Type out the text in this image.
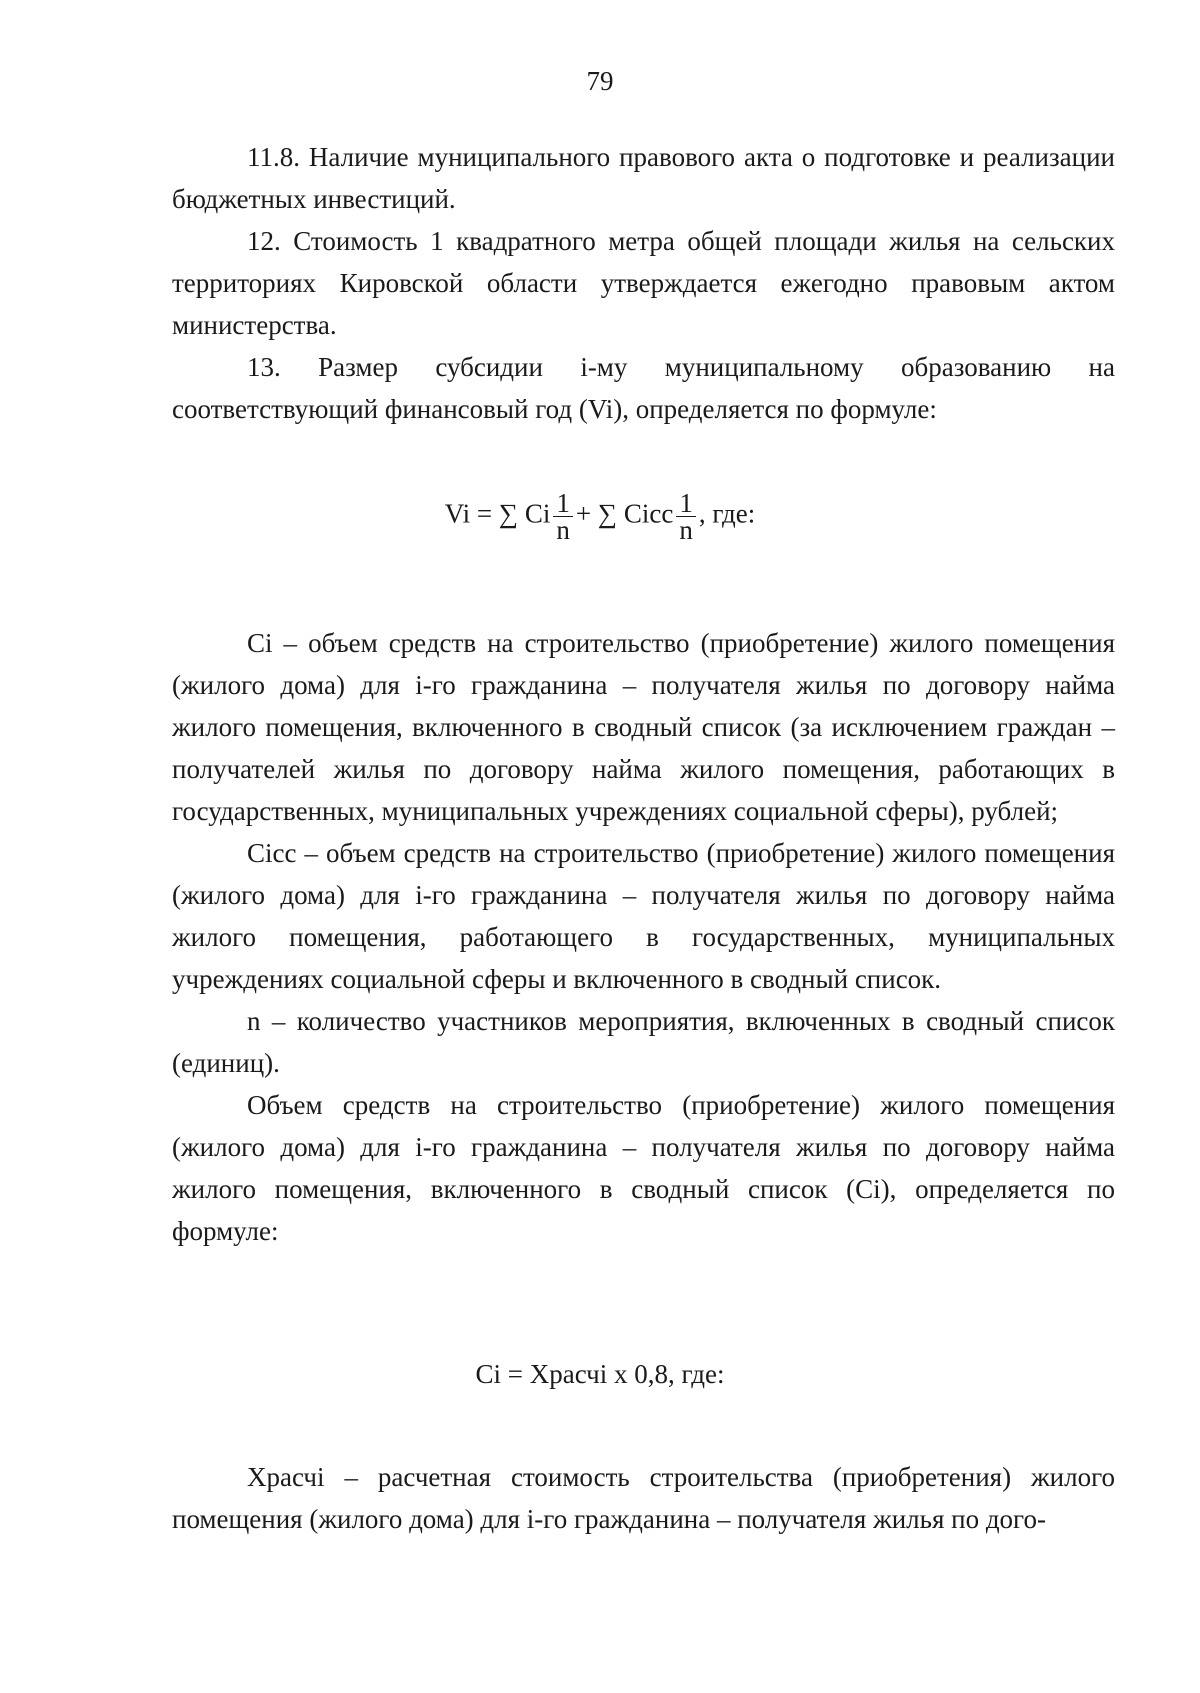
79

11.8. Наличие муниципального правового акта о подготовке и реализации бюджетных инвестиций.

12. Стоимость 1 квадратного метра общей площади жилья на сельских территориях Кировской области утверждается ежегодно правовым актом министерства.

13. Размер субсидии i-му муниципальному образованию на соответствующий финансовый год (Vi), определяется по формуле:

Vi = ∑ Ci $\frac{1}{n}$ + ∑ Cicc $\frac{1}{n}$ , где:

Ci – объем средств на строительство (приобретение) жилого помещения (жилого дома) для i-го гражданина – получателя жилья по договору найма жилого помещения, включенного в сводный список (за исключением граждан – получателей жилья по договору найма жилого помещения, работающих в государственных, муниципальных учреждениях социальной сферы), рублей;

Cicc – объем средств на строительство (приобретение) жилого помещения (жилого дома) для i-го гражданина – получателя жилья по договору найма жилого помещения, работающего в государственных, муниципальных учреждениях социальной сферы и включенного в сводный список.

n – количество участников мероприятия, включенных в сводный список (единиц).

Объем средств на строительство (приобретение) жилого помещения (жилого дома) для i-го гражданина – получателя жилья по договору найма жилого помещения, включенного в сводный список (Ci), определяется по формуле:

Ci = Xрасчi x 0,8, где:

Xрасчi – расчетная стоимость строительства (приобретения) жилого помещения (жилого дома) для i-го гражданина – получателя жилья по дого-
